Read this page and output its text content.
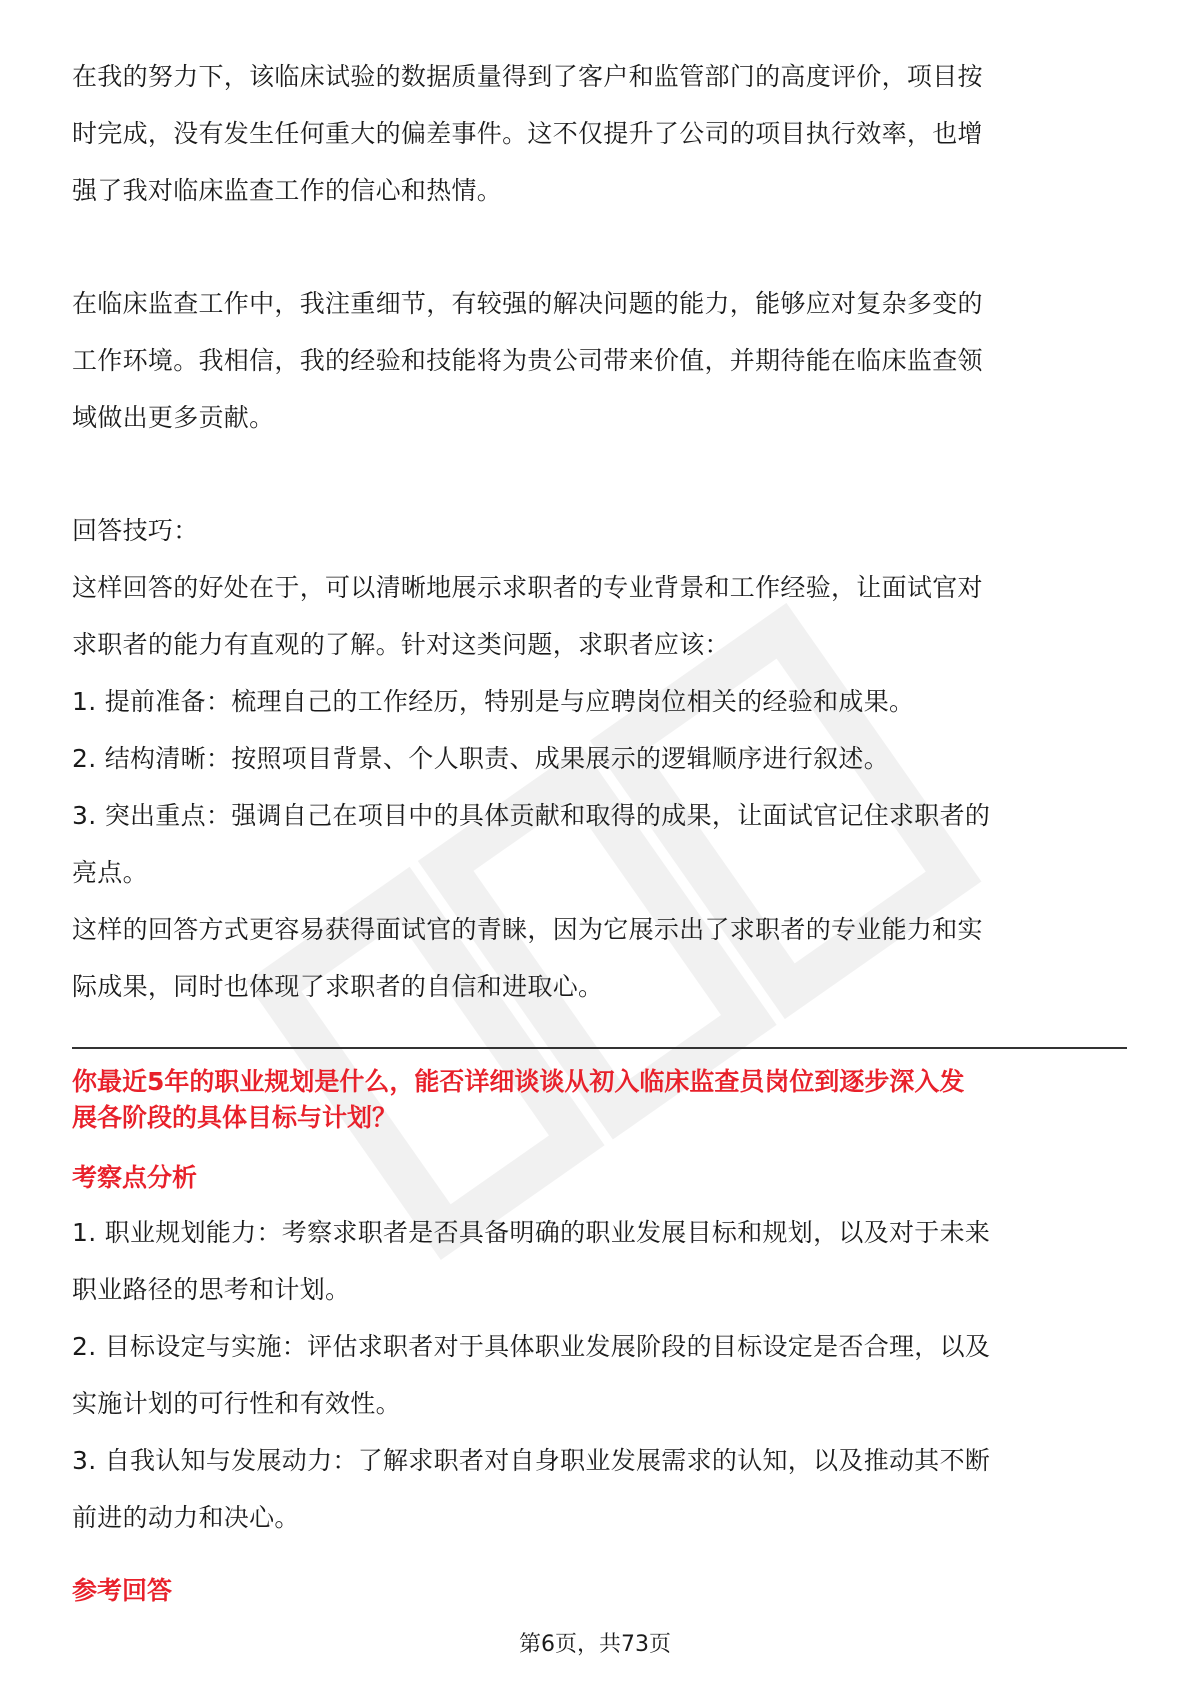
在我的努力下，该临床试验的数据质量得到了客户和监管部门的高度评价，项目按
时完成，没有发生任何重大的偏差事件。这不仅提升了公司的项目执行效率，也增
强了我对临床监查工作的信心和热情。

在临床监查工作中，我注重细节，有较强的解决问题的能力，能够应对复杂多变的
工作环境。我相信，我的经验和技能将为贵公司带来价值，并期待能在临床监查领
域做出更多贡献。

回答技巧：
这样回答的好处在于，可以清晰地展示求职者的专业背景和工作经验，让面试官对
求职者的能力有直观的了解。针对这类问题，求职者应该：
1. 提前准备：梳理自己的工作经历，特别是与应聘岗位相关的经验和成果。
2. 结构清晰：按照项目背景、个人职责、成果展示的逻辑顺序进行叙述。
3. 突出重点：强调自己在项目中的具体贡献和取得的成果，让面试官记住求职者的
亮点。
这样的回答方式更容易获得面试官的青睐，因为它展示出了求职者的专业能力和实
际成果，同时也体现了求职者的自信和进取心。

你最近5年的职业规划是什么，能否详细谈谈从初入临床监查员岗位到逐步深入发
展各阶段的具体目标与计划？
考察点分析

1. 职业规划能力：考察求职者是否具备明确的职业发展目标和规划，以及对于未来
职业路径的思考和计划。
2. 目标设定与实施：评估求职者对于具体职业发展阶段的目标设定是否合理，以及
实施计划的可行性和有效性。
3. 自我认知与发展动力：了解求职者对自身职业发展需求的认知，以及推动其不断
前进的动力和决心。

参考回答
第6页，共73页
